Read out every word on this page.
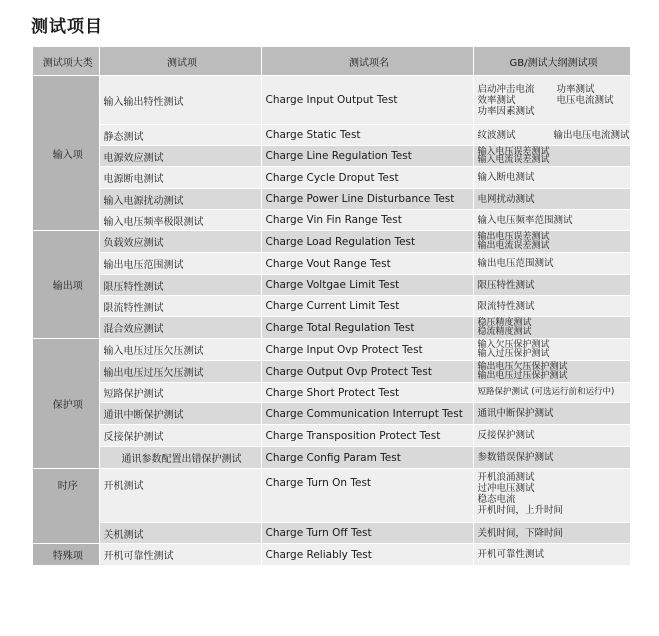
测试项目
测试项大类	测试项	测试项名	GB/测试大纲测试项
输入项	输入输出特性测试	Charge Input Output Test	启动冲击电流 功率测试
效率测试 电压电流测试
功率因素测试

	静态测试	Charge Static Test	纹波测试 输出电压电流测试

	电源效应测试	Charge Line Regulation Test	输入电压误差测试
输入电流误差测试

	电源断电测试	Charge Cycle Droput Test	输入断电测试
	输入电源扰动测试	Charge Power Line Disturbance Test	电网扰动测试
	输入电压频率极限测试	Charge Vin Fin Range Test	输入电压频率范围测试
输出项	负载效应测试	Charge Load Regulation Test	输出电压误差测试
输出电流误差测试

	输出电压范围测试	Charge Vout Range Test	输出电压范围测试
	限压特性测试	Charge Voltgae Limit Test	限压特性测试
	限流特性测试	Charge Current Limit Test	限流特性测试
	混合效应测试	Charge Total Regulation Test	稳压精度测试
稳流精度测试

保护项	输入电压过压欠压测试	Charge Input Ovp Protect Test	输入欠压保护测试
输入过压保护测试

	输出电压过压欠压测试	Charge Output Ovp Protect Test	输出电压欠压保护测试
输出电压过压保护测试

	短路保护测试	Charge Short Protect Test	短路保护测试 (可选运行前和运行中)
	通讯中断保护测试	Charge Communication Interrupt Test	通讯中断保护测试
	反接保护测试	Charge Transposition Protect Test	反接保护测试
	通讯参数配置出错保护测试	Charge Config Param Test	参数错误保护测试
时序	开机测试	Charge Turn On Test	开机浪涌测试
过冲电压测试
稳态电流
开机时间，上升时间

	关机测试	Charge Turn Off Test	关机时间，下降时间
特殊项	开机可靠性测试	Charge Reliably Test	开机可靠性测试
